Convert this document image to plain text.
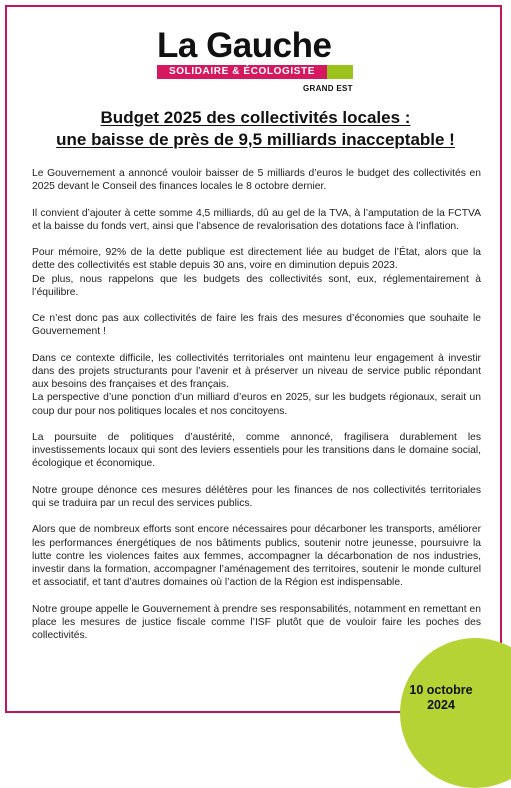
La Gauche
SOLIDAIRE & ÉCOLOGISTE
GRAND EST
Budget 2025 des collectivités locales :
une baisse de près de 9,5 milliards inacceptable !

Le Gouvernement a annoncé vouloir baisser de 5 milliards d’euros le budget des collectivités en 2025 devant le Conseil des finances locales le 8 octobre dernier.

Il convient d’ajouter à cette somme 4,5 milliards, dû au gel de la TVA, à l’amputation de la FCTVA et la baisse du fonds vert, ainsi que l’absence de revalorisation des dotations face à l’inflation.

Pour mémoire, 92% de la dette publique est directement liée au budget de l’État, alors que la dette des collectivités est stable depuis 30 ans, voire en diminution depuis 2023.
De plus, nous rappelons que les budgets des collectivités sont, eux, réglementairement à l’équilibre.

Ce n’est donc pas aux collectivités de faire les frais des mesures d’économies que souhaite le Gouvernement !

Dans ce contexte difficile, les collectivités territoriales ont maintenu leur engagement à investir dans des projets structurants pour l’avenir et à préserver un niveau de service public répondant aux besoins des françaises et des français.
La perspective d’une ponction d’un milliard d’euros en 2025, sur les budgets régionaux, serait un coup dur pour nos politiques locales et nos concitoyens.

La poursuite de politiques d’austérité, comme annoncé, fragilisera durablement les investissements locaux qui sont des leviers essentiels pour les transitions dans le domaine social, écologique et économique.

Notre groupe dénonce ces mesures délétères pour les finances de nos collectivités territoriales qui se traduira par un recul des services publics.

Alors que de nombreux efforts sont encore nécessaires pour décarboner les transports, améliorer les performances énergétiques de nos bâtiments publics, soutenir notre jeunesse, poursuivre la lutte contre les violences faites aux femmes, accompagner la décarbonation de nos industries, investir dans la formation, accompagner l’aménagement des territoires, soutenir le monde culturel et associatif, et tant d’autres domaines où l’action de la Région est indispensable.

Notre groupe appelle le Gouvernement à prendre ses responsabilités, notamment en remettant en place les mesures de justice fiscale comme l’ISF plutôt que de vouloir faire les poches des collectivités.

10 octobre
2024
